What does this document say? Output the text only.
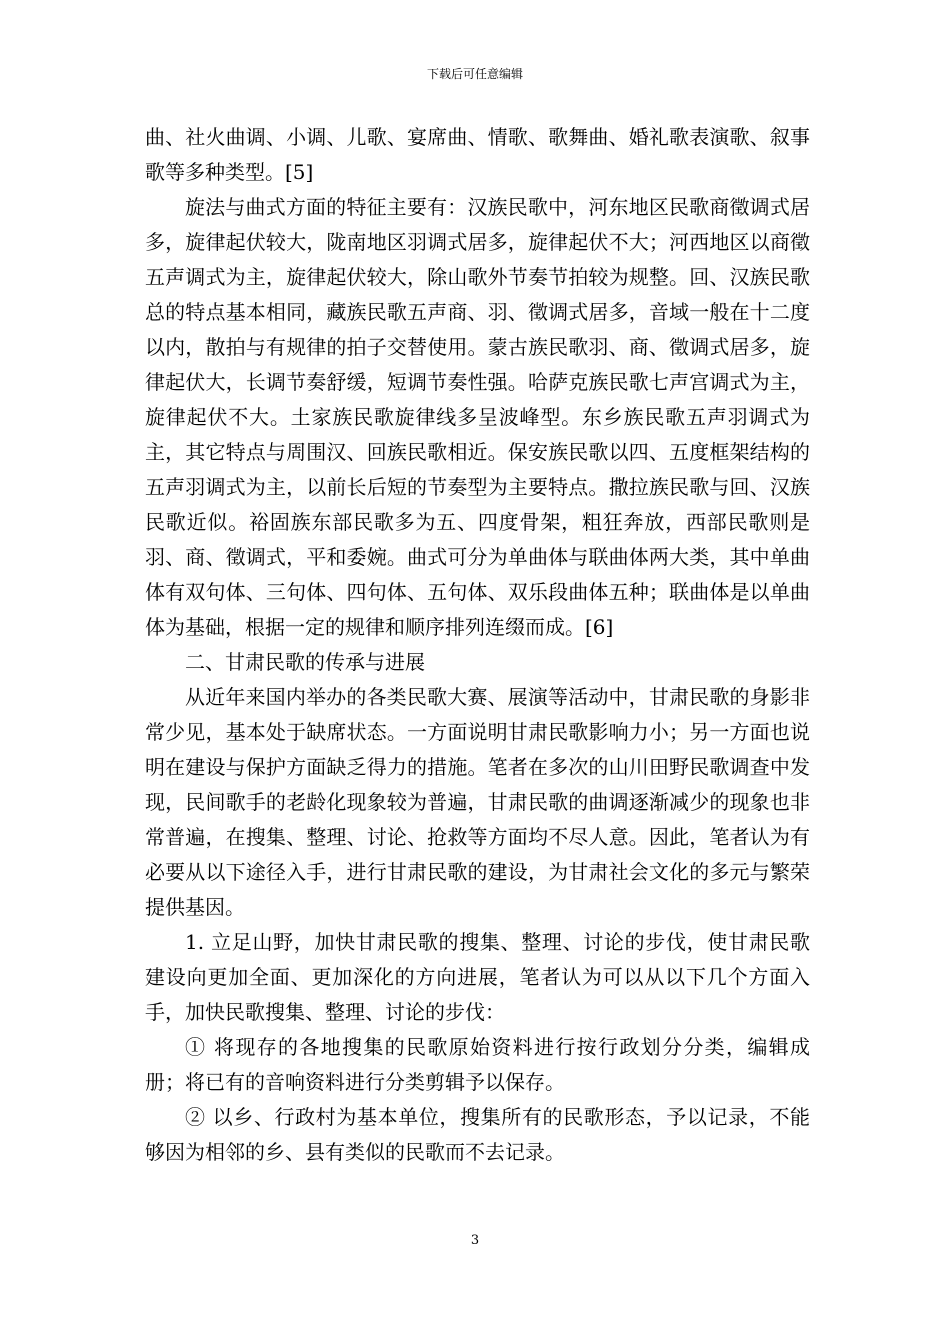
下载后可任意编辑

曲、社火曲调、小调、儿歌、宴席曲、情歌、歌舞曲、婚礼歌表演歌、叙事歌等多种类型。[5]

旋法与曲式方面的特征主要有：汉族民歌中，河东地区民歌商徵调式居多，旋律起伏较大，陇南地区羽调式居多，旋律起伏不大；河西地区以商徵五声调式为主，旋律起伏较大，除山歌外节奏节拍较为规整。回、汉族民歌总的特点基本相同，藏族民歌五声商、羽、徵调式居多，音域一般在十二度以内，散拍与有规律的拍子交替使用。蒙古族民歌羽、商、徵调式居多，旋律起伏大，长调节奏舒缓，短调节奏性强。哈萨克族民歌七声宫调式为主，旋律起伏不大。土家族民歌旋律线多呈波峰型。东乡族民歌五声羽调式为主，其它特点与周围汉、回族民歌相近。保安族民歌以四、五度框架结构的五声羽调式为主，以前长后短的节奏型为主要特点。撒拉族民歌与回、汉族民歌近似。裕固族东部民歌多为五、四度骨架，粗狂奔放，西部民歌则是羽、商、徵调式，平和委婉。曲式可分为单曲体与联曲体两大类，其中单曲体有双句体、三句体、四句体、五句体、双乐段曲体五种；联曲体是以单曲体为基础，根据一定的规律和顺序排列连缀而成。[6]

二、甘肃民歌的传承与进展

从近年来国内举办的各类民歌大赛、展演等活动中，甘肃民歌的身影非常少见，基本处于缺席状态。一方面说明甘肃民歌影响力小；另一方面也说明在建设与保护方面缺乏得力的措施。笔者在多次的山川田野民歌调查中发现，民间歌手的老龄化现象较为普遍，甘肃民歌的曲调逐渐减少的现象也非常普遍，在搜集、整理、讨论、抢救等方面均不尽人意。因此，笔者认为有必要从以下途径入手，进行甘肃民歌的建设，为甘肃社会文化的多元与繁荣提供基因。

1. 立足山野，加快甘肃民歌的搜集、整理、讨论的步伐，使甘肃民歌建设向更加全面、更加深化的方向进展，笔者认为可以从以下几个方面入手，加快民歌搜集、整理、讨论的步伐：

① 将现存的各地搜集的民歌原始资料进行按行政划分分类，编辑成册；将已有的音响资料进行分类剪辑予以保存。

② 以乡、行政村为基本单位，搜集所有的民歌形态，予以记录，不能够因为相邻的乡、县有类似的民歌而不去记录。

3
